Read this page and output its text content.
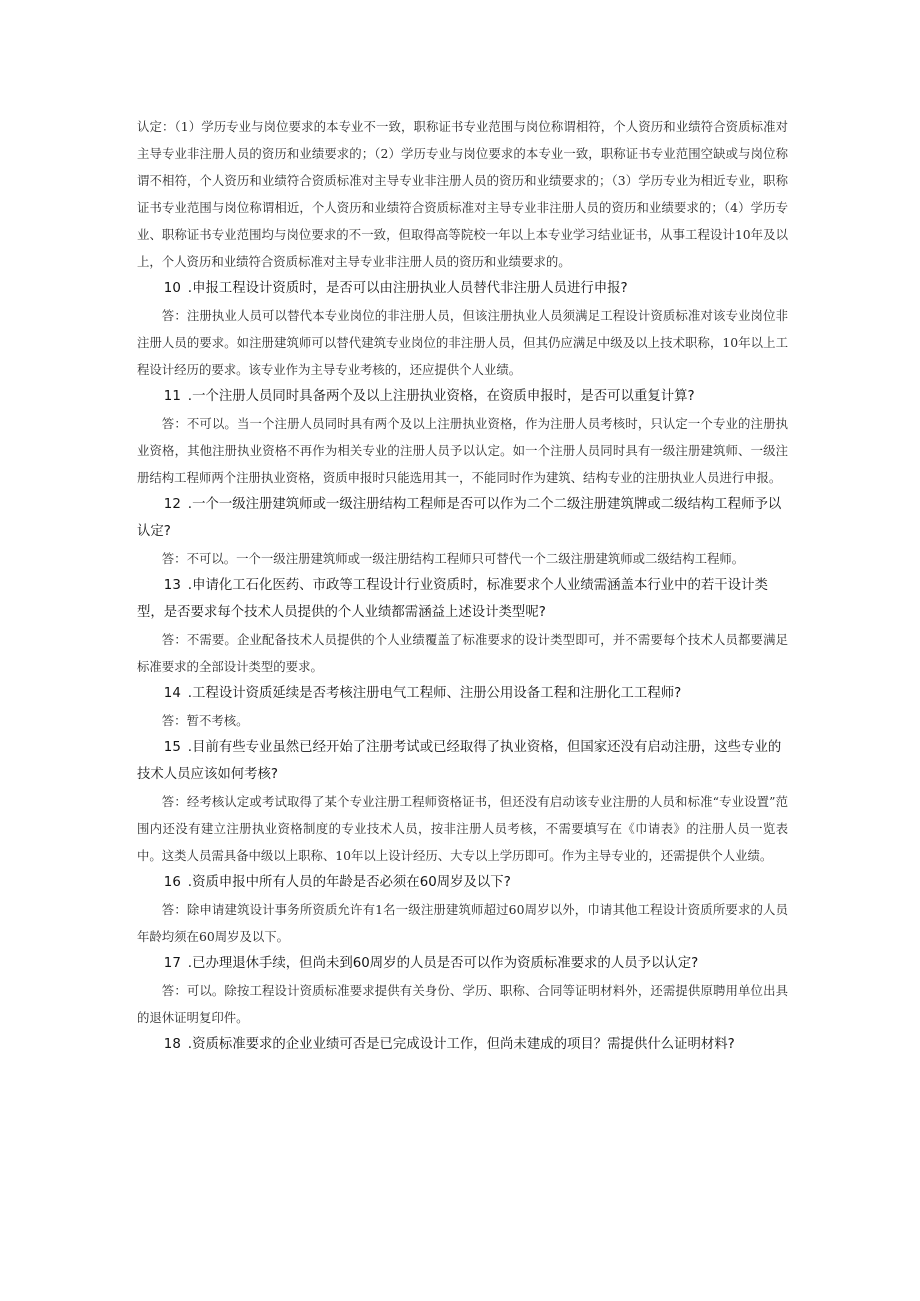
认定：（1）学历专业与岗位要求的本专业不一致，职称证书专业范围与岗位称谓相符，个人资历和业绩符合资质标准对主导专业非注册人员的资历和业绩要求的；（2）学历专业与岗位要求的本专业一致，职称证书专业范围空缺或与岗位称谓不相符，个人资历和业绩符合资质标准对主导专业非注册人员的资历和业绩要求的；（3）学历专业为相近专业，职称证书专业范围与岗位称谓相近，个人资历和业绩符合资质标准对主导专业非注册人员的资历和业绩要求的；（4）学历专业、职称证书专业范围均与岗位要求的不一致，但取得高等院校一年以上本专业学习结业证书，从事工程设计10年及以上，个人资历和业绩符合资质标准对主导专业非注册人员的资历和业绩要求的。

10 .申报工程设计资质时，是否可以由注册执业人员替代非注册人员进行申报?

答：注册执业人员可以替代本专业岗位的非注册人员，但该注册执业人员须满足工程设计资质标准对该专业岗位非注册人员的要求。如注册建筑师可以替代建筑专业岗位的非注册人员，但其仍应满足中级及以上技术职称，10年以上工程设计经历的要求。该专业作为主导专业考核的，还应提供个人业绩。

11 .一个注册人员同时具备两个及以上注册执业资格，在资质申报时，是否可以重复计算?

答：不可以。当一个注册人员同时具有两个及以上注册执业资格，作为注册人员考核时，只认定一个专业的注册执业资格，其他注册执业资格不再作为相关专业的注册人员予以认定。如一个注册人员同时具有一级注册建筑师、一级注册结构工程师两个注册执业资格，资质申报时只能选用其一，不能同时作为建筑、结构专业的注册执业人员进行申报。

12 .一个一级注册建筑师或一级注册结构工程师是否可以作为二个二级注册建筑牌或二级结构工程师予以认定?

答：不可以。一个一级注册建筑师或一级注册结构工程师只可替代一个二级注册建筑师或二级结构工程师。

13 .申请化工石化医药、市政等工程设计行业资质时，标准要求个人业绩需涵盖本行业中的若干设计类型，是否要求每个技术人员提供的个人业绩都需涵益上述设计类型呢?

答：不需要。企业配备技术人员提供的个人业绩覆盖了标准要求的设计类型即可，并不需要每个技术人员都要满足标准要求的全部设计类型的要求。

14 .工程设计资质延续是否考核注册电气工程师、注册公用设备工程和注册化工工程师?

答：暂不考核。

15 .目前有些专业虽然已经开始了注册考试或已经取得了执业资格，但国家还没有启动注册，这些专业的技术人员应该如何考核?

答：经考核认定或考试取得了某个专业注册工程师资格证书，但还没有启动该专业注册的人员和标准“专业设置”范围内还没有建立注册执业资格制度的专业技术人员，按非注册人员考核，不需要填写在《巾请表》的注册人员一览表中。这类人员需具备中级以上职称、10年以上设计经历、大专以上学历即可。作为主导专业的，还需提供个人业绩。

16 .资质申报中所有人员的年龄是否必须在60周岁及以下?

答：除申请建筑设计事务所资质允许有1名一级注册建筑师超过60周岁以外，巾请其他工程设计资质所要求的人员年龄均须在60周岁及以下。

17 .已办理退休手续，但尚未到60周岁的人员是否可以作为资质标准要求的人员予以认定?

答：可以。除按工程设计资质标准要求提供有关身份、学历、职称、合同等证明材料外，还需提供原聘用单位出具的退休证明复印件。

18 .资质标准要求的企业业绩可否是已完成设计工作，但尚未建成的项目？需提供什么证明材料?
